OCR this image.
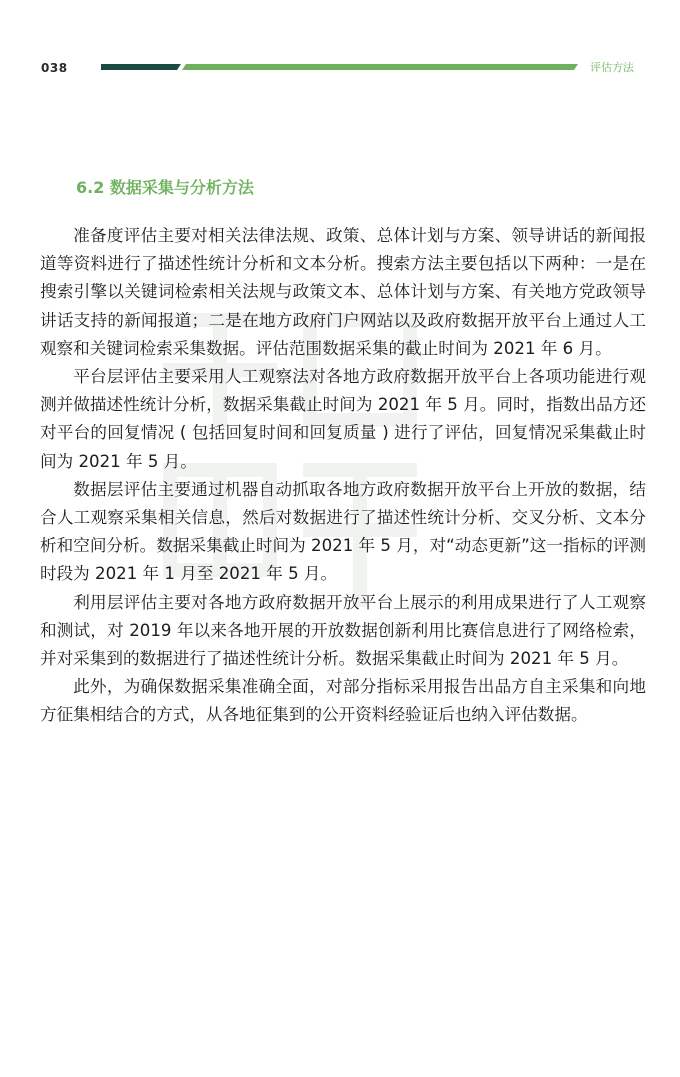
038	评估方法
6.2 数据采集与分析方法

准备度评估主要对相关法律法规、政策、总体计划与方案、领导讲话的新闻报道等资料进行了描述性统计分析和文本分析。搜索方法主要包括以下两种：一是在搜索引擎以关键词检索相关法规与政策文本、总体计划与方案、有关地方党政领导讲话支持的新闻报道；二是在地方政府门户网站以及政府数据开放平台上通过人工观察和关键词检索采集数据。评估范围数据采集的截止时间为 2021 年 6 月。

平台层评估主要采用人工观察法对各地方政府数据开放平台上各项功能进行观测并做描述性统计分析，数据采集截止时间为 2021 年 5 月。同时，指数出品方还对平台的回复情况 ( 包括回复时间和回复质量 ) 进行了评估，回复情况采集截止时间为 2021 年 5 月。

数据层评估主要通过机器自动抓取各地方政府数据开放平台上开放的数据，结合人工观察采集相关信息，然后对数据进行了描述性统计分析、交叉分析、文本分析和空间分析。数据采集截止时间为 2021 年 5 月，对“动态更新”这一指标的评测时段为 2021 年 1 月至 2021 年 5 月。

利用层评估主要对各地方政府数据开放平台上展示的利用成果进行了人工观察和测试，对 2019 年以来各地开展的开放数据创新利用比赛信息进行了网络检索，并对采集到的数据进行了描述性统计分析。数据采集截止时间为 2021 年 5 月。

此外，为确保数据采集准确全面，对部分指标采用报告出品方自主采集和向地方征集相结合的方式，从各地征集到的公开资料经验证后也纳入评估数据。
